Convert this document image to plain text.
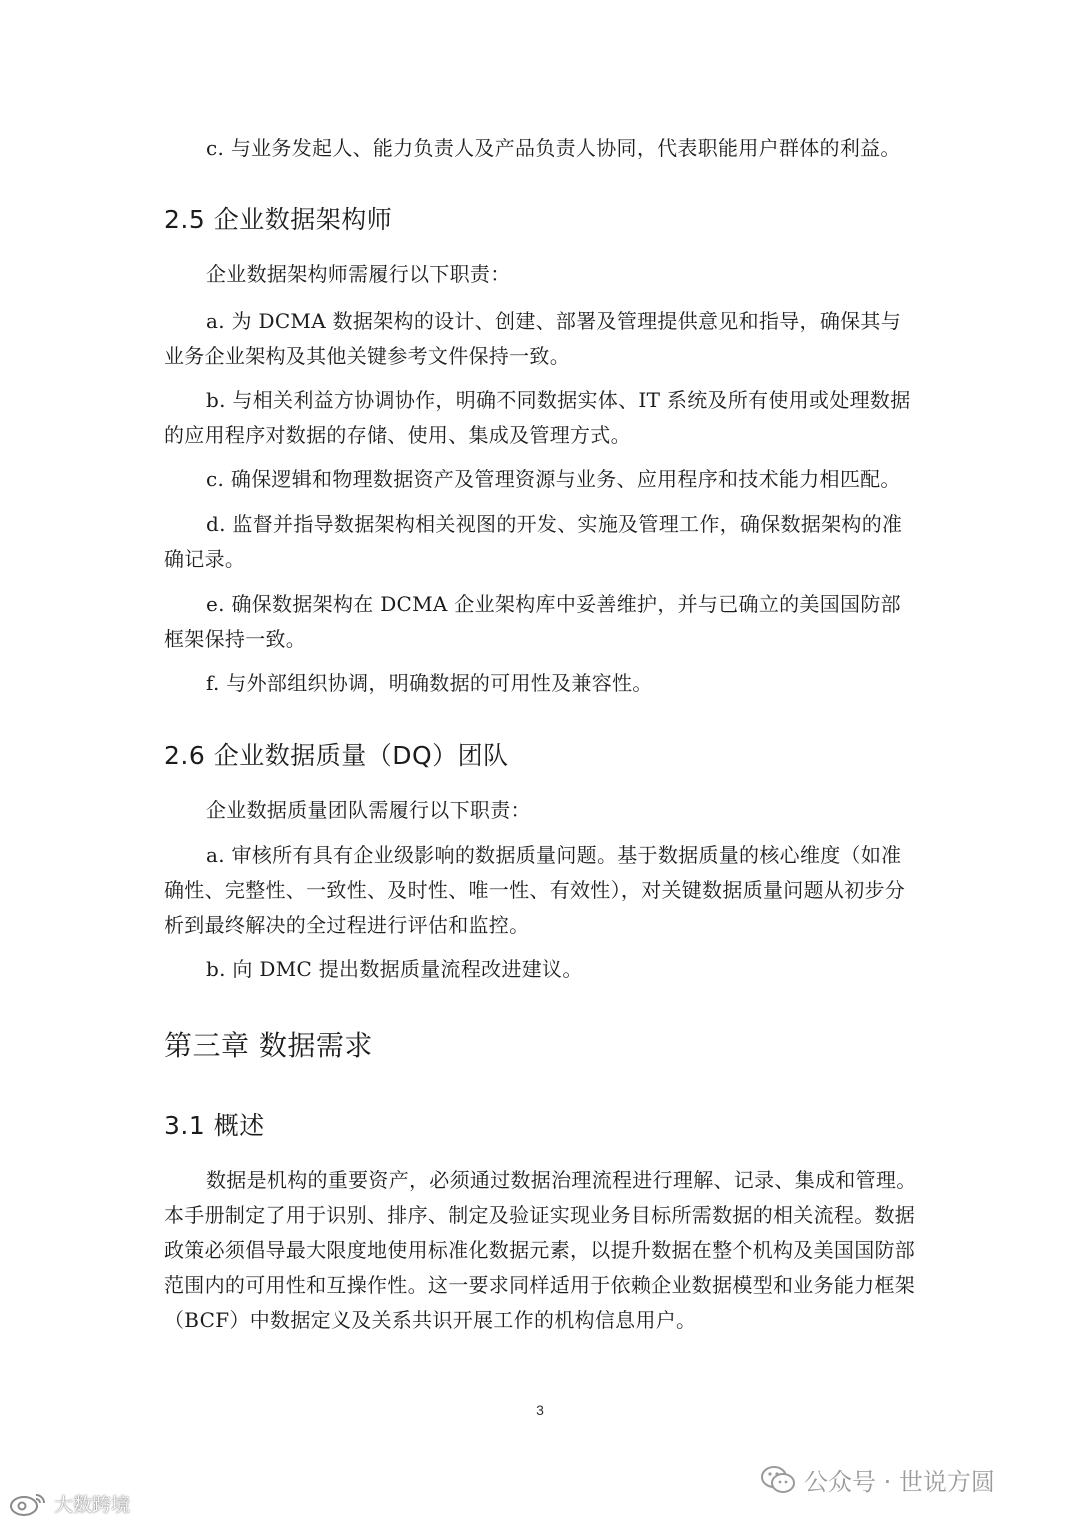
c. 与业务发起人、能力负责人及产品负责人协同，代表职能用户群体的利益。

2.5 企业数据架构师

企业数据架构师需履行以下职责：

a. 为 DCMA 数据架构的设计、创建、部署及管理提供意见和指导，确保其与业务企业架构及其他关键参考文件保持一致。

b. 与相关利益方协调协作，明确不同数据实体、IT 系统及所有使用或处理数据的应用程序对数据的存储、使用、集成及管理方式。

c. 确保逻辑和物理数据资产及管理资源与业务、应用程序和技术能力相匹配。

d. 监督并指导数据架构相关视图的开发、实施及管理工作，确保数据架构的准确记录。

e. 确保数据架构在 DCMA 企业架构库中妥善维护，并与已确立的美国国防部框架保持一致。

f. 与外部组织协调，明确数据的可用性及兼容性。

2.6 企业数据质量（DQ）团队

企业数据质量团队需履行以下职责：

a. 审核所有具有企业级影响的数据质量问题。基于数据质量的核心维度（如准确性、完整性、一致性、及时性、唯一性、有效性），对关键数据质量问题从初步分析到最终解决的全过程进行评估和监控。

b. 向 DMC 提出数据质量流程改进建议。

第三章 数据需求
3.1 概述

数据是机构的重要资产，必须通过数据治理流程进行理解、记录、集成和管理。本手册制定了用于识别、排序、制定及验证实现业务目标所需数据的相关流程。数据政策必须倡导最大限度地使用标准化数据元素，以提升数据在整个机构及美国国防部范围内的可用性和互操作性。这一要求同样适用于依赖企业数据模型和业务能力框架（BCF）中数据定义及关系共识开展工作的机构信息用户。

3
公众号 · 世说方圆
大数跨境
